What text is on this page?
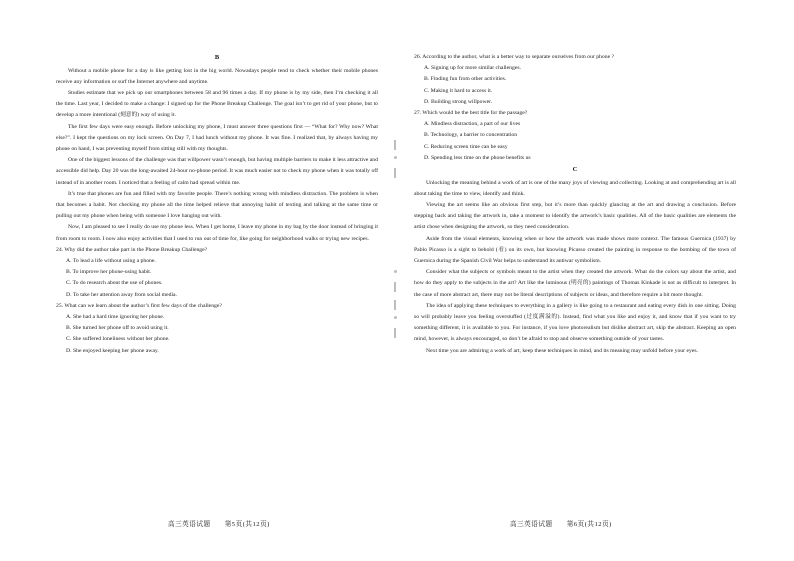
B

Without a mobile phone for a day is like getting lost in the big world. Nowadays people tend to check whether their mobile phones receive any information or surf the Internet anywhere and anytime.

Studies estimate that we pick up our smartphones between 58 and 96 times a day. If my phone is by my side, then I’m checking it all the time. Last year, I decided to make a change: I signed up for the Phone Breakup Challenge. The goal isn’t to get rid of your phone, but to develop a more intentional (刻意的) way of using it.

The first few days were easy enough. Before unlocking my phone, I must answer three questions first — “What for? Why now? What else?”. I kept the questions on my lock screen. On Day 7, I had lunch without my phone. It was fine. I realized that, by always having my phone on hand, I was preventing myself from sitting still with my thoughts.

One of the biggest lessons of the challenge was that willpower wasn’t enough, but having multiple barriers to make it less attractive and accessible did help. Day 20 was the long-awaited 24-hour no-phone period. It was much easier not to check my phone when it was totally off instead of in another room. I noticed that a feeling of calm had spread within me.

It’s true that phones are fun and filled with my favorite people. There’s nothing wrong with mindless distraction. The problem is when that becomes a habit. Not checking my phone all the time helped relieve that annoying habit of texting and talking at the same time or pulling out my phone when being with someone I love hanging out with.

Now, I am pleased to see I really do use my phone less. When I get home, I leave my phone in my bag by the door instead of bringing it from room to room. I now also enjoy activities that I used to run out of time for, like going for neighborhood walks or trying new recipes.

24. Why did the author take part in the Phone Breakup Challenge?

A. To lead a life without using a phone.

B. To improve her phone-using habit.

C. To do research about the use of phones.

D. To take her attention away from social media.

25. What can we learn about the author’s first few days of the challenge?

A. She had a hard time ignoring her phone.

B. She turned her phone off to avoid using it.

C. She suffered loneliness without her phone.

D. She enjoyed keeping her phone away.

26. According to the author, what is a better way to separate ourselves from our phone ?

A. Signing up for more similar challenges.

B. Finding fun from other activities.

C. Making it hard to access it.

D. Building strong willpower.

27. Which would be the best title for the passage?

A. Mindless distraction, a part of our lives

B. Technology, a barrier to concentration

C. Reducing screen time can be easy

D. Spending less time on the phone benefits us

C

Unlocking the meaning behind a work of art is one of the many joys of viewing and collecting. Looking at and comprehending art is all about taking the time to view, identify and think.

Viewing the art seems like an obvious first step, but it’s more than quickly glancing at the art and drawing a conclusion. Before stepping back and taking the artwork in, take a moment to identify the artwork’s basic qualities. All of the basic qualities are elements the artist chose when designing the artwork, so they need consideration.

Aside from the visual elements, knowing when or how the artwork was made shows more context. The famous Guernica (1937) by Pablo Picasso is a sight to behold (看) on its own, but knowing Picasso created the painting in response to the bombing of the town of Guernica during the Spanish Civil War helps to understand its antiwar symbolism.

Consider what the subjects or symbols meant to the artist when they created the artwork. What do the colors say about the artist, and how do they apply to the subjects in the art? Art like the luminous (明亮的) paintings of Thomas Kinkade is not as difficult to interpret. In the case of more abstract art, there may not be literal descriptions of subjects or ideas, and therefore require a bit more thought.

The idea of applying these techniques to everything in a gallery is like going to a restaurant and eating every dish in one sitting. Doing so will probably leave you feeling overstuffed (过度满溢的). Instead, find what you like and enjoy it, and know that if you want to try something different, it is available to you. For instance, if you love photorealism but dislike abstract art, skip the abstract. Keeping an open mind, however, is always encouraged, so don’t be afraid to stop and observe something outside of your tastes.

Next time you are admiring a work of art, keep these techniques in mind, and its meaning may unfold before your eyes.

高三英语试题 第5页(共12页)	高三英语试题 第6页(共12页)
